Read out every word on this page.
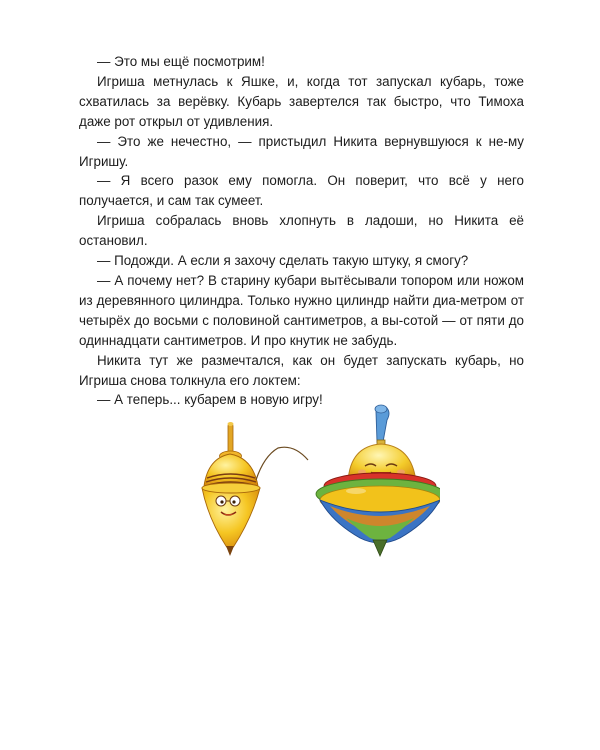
— Это мы ещё посмотрим!

Игриша метнулась к Яшке, и, когда тот запускал кубарь, тоже схватилась за верёвку. Кубарь завертелся так быстро, что Тимоха даже рот открыл от удивления.

— Это же нечестно, — пристыдил Никита вернувшуюся к не-му Игришу.

— Я всего разок ему помогла. Он поверит, что всё у него получается, и сам так сумеет.

Игриша собралась вновь хлопнуть в ладоши, но Никита её остановил.

— Подожди. А если я захочу сделать такую штуку, я смогу?

— А почему нет? В старину кубари вытёсывали топором или ножом из деревянного цилиндра. Только нужно цилиндр найти диа-метром от четырёх до восьми с половиной сантиметров, а вы-сотой — от пяти до одиннадцати сантиметров. И про кнутик не забудь.

Никита тут же размечтался, как он будет запускать кубарь, но Игриша снова толкнула его локтем:

— А теперь... кубарем в новую игру!
